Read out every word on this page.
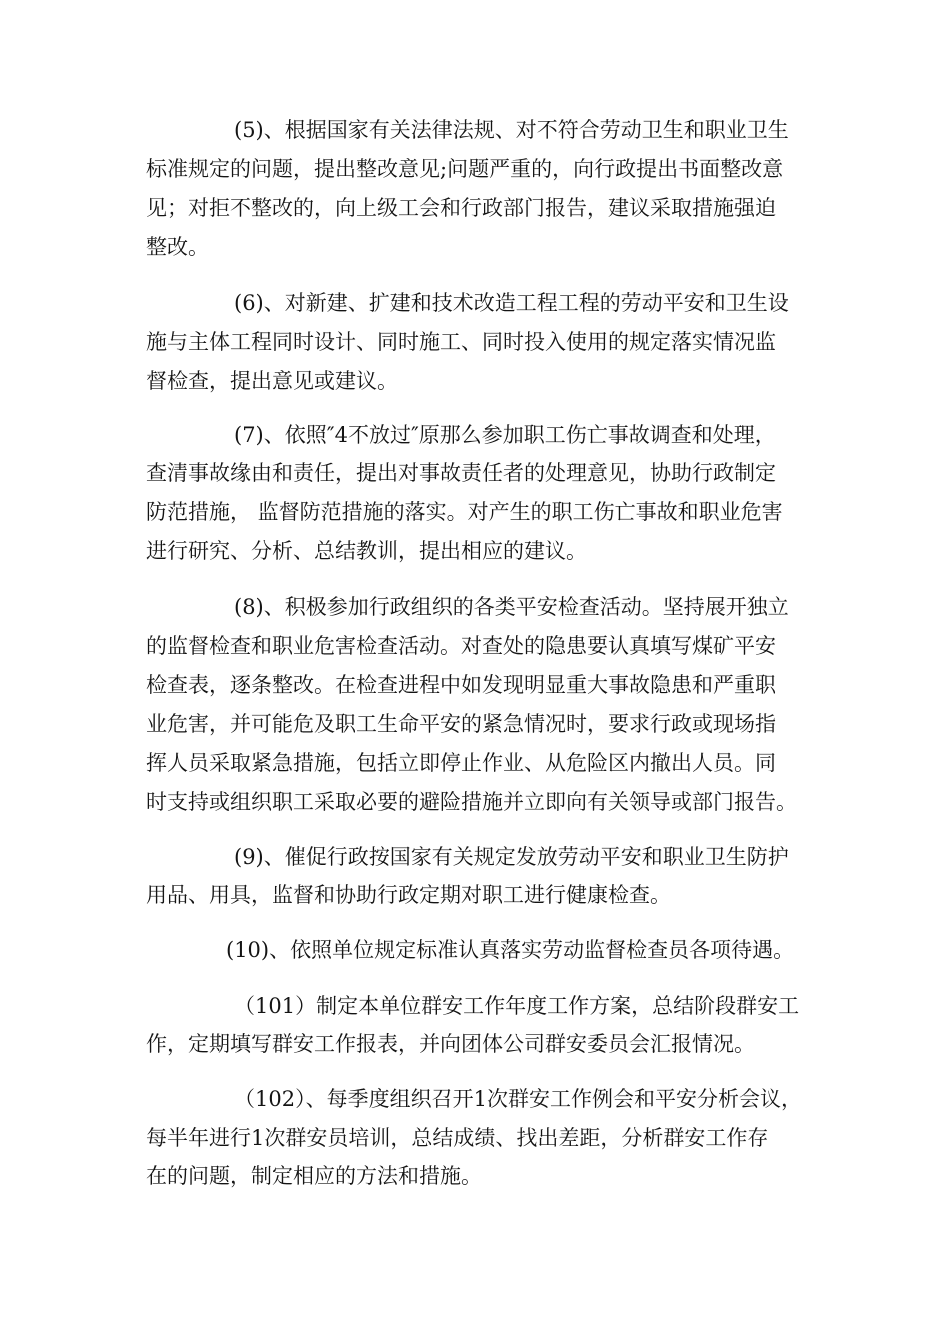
(5)、根据国家有关法律法规、对不符合劳动卫生和职业卫生
标准规定的问题，提出整改意见;问题严重的，向行政提出书面整改意
见；对拒不整改的，向上级工会和行政部门报告，建议采取措施强迫
整改。
(6)、对新建、扩建和技术改造工程工程的劳动平安和卫生设
施与主体工程同时设计、同时施工、同时投入使用的规定落实情况监
督检查，提出意见或建议。
(7)、依照″4不放过″原那么参加职工伤亡事故调查和处理，
查清事故缘由和责任，提出对事故责任者的处理意见，协助行政制定
防范措施， 监督防范措施的落实。对产生的职工伤亡事故和职业危害
进行研究、分析、总结教训，提出相应的建议。
(8)、积极参加行政组织的各类平安检查活动。坚持展开独立
的监督检查和职业危害检查活动。对查处的隐患要认真填写煤矿平安
检查表，逐条整改。在检查进程中如发现明显重大事故隐患和严重职
业危害，并可能危及职工生命平安的紧急情况时，要求行政或现场指
挥人员采取紧急措施，包括立即停止作业、从危险区内撤出人员。同
时支持或组织职工采取必要的避险措施并立即向有关领导或部门报告。
(9)、催促行政按国家有关规定发放劳动平安和职业卫生防护
用品、用具，监督和协助行政定期对职工进行健康检查。
(10)、依照单位规定标准认真落实劳动监督检查员各项待遇。
（101）制定本单位群安工作年度工作方案，总结阶段群安工
作，定期填写群安工作报表，并向团体公司群安委员会汇报情况。
（102）、每季度组织召开1次群安工作例会和平安分析会议，
每半年进行1次群安员培训，总结成绩、找出差距，分析群安工作存
在的问题，制定相应的方法和措施。
